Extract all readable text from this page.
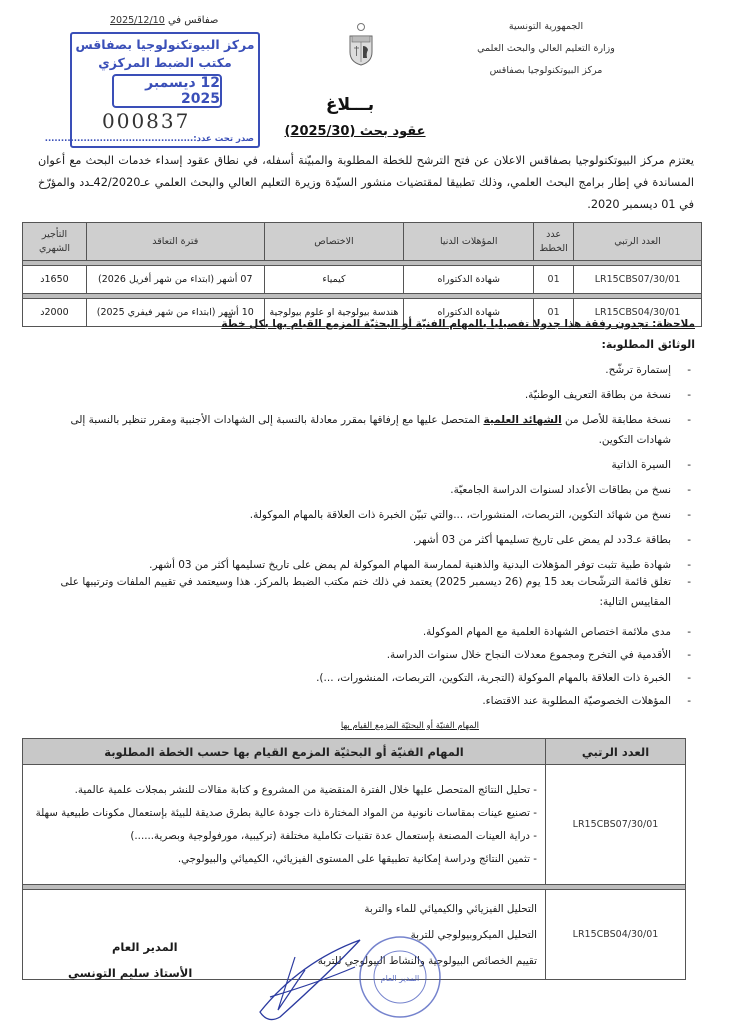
الجمهورية التونسية
وزارة التعليم العالي والبحث العلمي
مركز البيوتكنولوجيا بصفاقس
صفاقس في 2025/12/10
مركز البيوتكنولوجيا بصفاقس
مكتب الضبط المركزي
12 ديسمبر 2025
000837
صدر تحت عدد:..............................................
بـــلاغ
عقود بحث (2025/30)

يعتزم مركز البيوتكنولوجيا بصفاقس الاعلان عن فتح الترشح للخطة المطلوبة والمبيّنة أسفله، في نطاق عقود إسداء خدمات البحث مع أعوان المساندة في إطار برامج البحث العلمي، وذلك تطبيقا لمقتضيات منشور السيّدة وزيرة التعليم العالي والبحث العلمي عـ42/2020ـدد والمؤرّخ في 01 ديسمبر 2020.

العدد الرتبي	عدد الخطط	المؤهلات الدنيا	الاختصاص	فترة التعاقد	التأجير الشهري

LR15CBS07/30/01	01	شهادة الدكتوراه	كيمياء	07 أشهر (ابتداء من شهر أفريل 2026)	1650د

LR15CBS04/30/01	01	شهادة الدكتوراه	هندسة بيولوجية او علوم بيولوجية	10 أشهر (ابتداء من شهر فيفري 2025)	2000د
ملاحظة: تجدون رفقة هذا جدولا تفصيليا بالمهام الفنيّة أو البحثيّة المزمع القيام بها بكل خطّة
الوثائق المطلوبة:
- إستمارة ترشّح.
- نسخة من بطاقة التعريف الوطنيّة.
- نسخة مطابقة للأصل من الشهائد العلمية المتحصل عليها مع إرفاقها بمقرر معادلة بالنسبة إلى الشهادات الأجنبية ومقرر تنظير بالنسبة إلى شهادات التكوين.
- السيرة الذاتية
- نسخ من بطاقات الأعداد لسنوات الدراسة الجامعيّة.
- نسخ من شهائد التكوين، التربصات، المنشورات، ...والتي تبيّن الخبرة ذات العلاقة بالمهام الموكولة.
- بطاقة عـ3دد لم يمض على تاريخ تسليمها أكثر من 03 أشهر.
- شهادة طبية تثبت توفر المؤهلات البدنية والذهنية لممارسة المهام الموكولة لم يمض على تاريخ تسليمها أكثر من 03 أشهر.
- تغلق قائمة الترشّحات بعد 15 يوم (26 ديسمبر 2025) يعتمد في ذلك ختم مكتب الضبط بالمركز. هذا وسيعتمد في تقييم الملفات وترتيبها على المقاييس التالية:
- مدى ملائمة اختصاص الشهادة العلمية مع المهام الموكولة.
- الأقدمية في التخرج ومجموع معدلات النجاح خلال سنوات الدراسة.
- الخبرة ذات العلاقة بالمهام الموكولة (التجربة، التكوين، التربصات، المنشورات، ...).
- المؤهلات الخصوصيّة المطلوبة عند الاقتضاء.
المهام الفنيّة أو البحثيّة المزمع القيام بها
العدد الرتبي	المهام الفنيّة أو البحثيّة المزمع القيام بها حسب الخطة المطلوبة
LR15CBS07/30/01	- تحليل النتائج المتحصل عليها خلال الفترة المنقضية من المشروع و كتابة مقالات للنشر بمجلات علمية عالمية.
- تصنيع عينات بمقاسات نانونية من المواد المختارة ذات جودة عالية بطرق صديقة للبيئة بإستعمال مكونات طبيعية سهلة
- دراية العينات المصنعة بإستعمال عدة تقنيات تكاملية مختلفة (تركيبية، مورفولوجية وبصرية......)
- تثمين النتائج ودراسة إمكانية تطبيقها على المستوى الفيزيائي، الكيميائي والبيولوجي.

LR15CBS04/30/01	التحليل الفيزيائي والكيميائي للماء والتربة
التحليل الميكروبيولوجي للتربة
تقييم الخصائص البيولوجية والنشاط البيولوجي للتربة
المدير العام
الأستاذ سليم التونسي	المدير العام
